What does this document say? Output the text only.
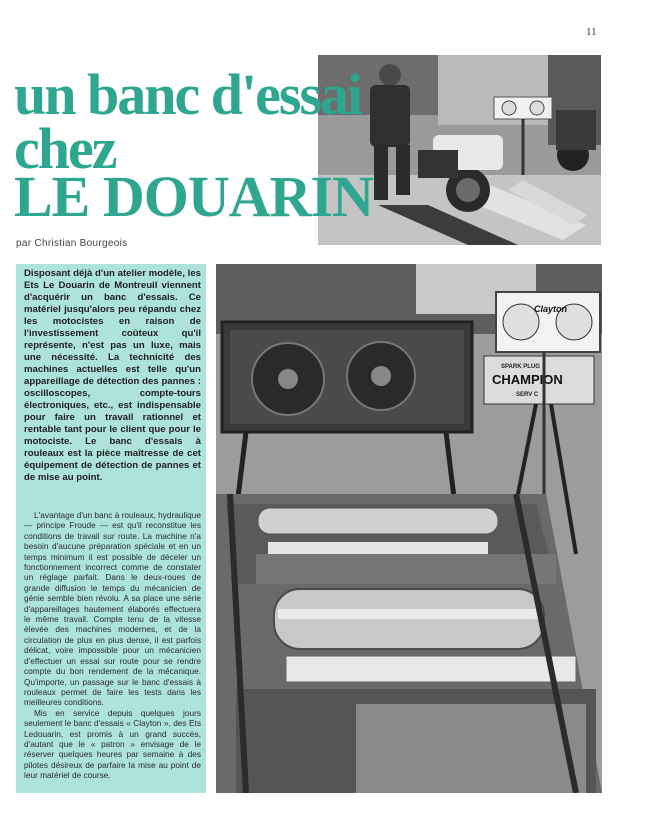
11
un banc d'essai
chez
LE DOUARIN
par Christian Bourgeois

Disposant déjà d'un atelier modèle, les Ets Le Douarin de Montreuil viennent d'acquérir un banc d'essais. Ce matériel jusqu'alors peu répandu chez les motocistes en raison de l'investissement coûteux qu'il représente, n'est pas un luxe, mais une nécessité. La technicité des machines actuelles est telle qu'un appareillage de détection des pannes : oscilloscopes, compte-tours électroniques, etc., est indispensable pour faire un travail rationnel et rentable tant pour le client que pour le motociste. Le banc d'essais à rouleaux est la pièce maîtresse de cet équipement de détection de pannes et de mise au point.

L'avantage d'un banc à rouleaux, hydraulique — principe Froude — est qu'il reconstitue les conditions de travail sur route. La machine n'a besoin d'aucune préparation spéciale et en un temps minimum il est possible de déceler un fonctionnement incorrect comme de constater un réglage parfait. Dans le deux-roues de grande diffusion le temps du mécanicien de génie semble bien révolu. A sa place une série d'appareillages hautement élaborés effectuera le même travail. Compte tenu de la vitesse élevée des machines modernes, et de la circulation de plus en plus dense, il est parfois délicat, voire impossible pour un mécanicien d'effectuer un essai sur route pour se rendre compte du bon rendement de la mécanique. Qu'importe, un passage sur le banc d'essais à rouleaux permet de faire les tests dans les meilleures conditions.

Mis en service depuis quelques jours seulement le banc d'essais « Clayton », des Ets Ledouarin, est promis à un grand succès, d'autant que le « patron » envisage de le réserver quelques heures par semaine à des pilotes désireux de parfaire la mise au point de leur matériel de course.

Clayton
SPARK PLUG
CHAMPION
SERV C
